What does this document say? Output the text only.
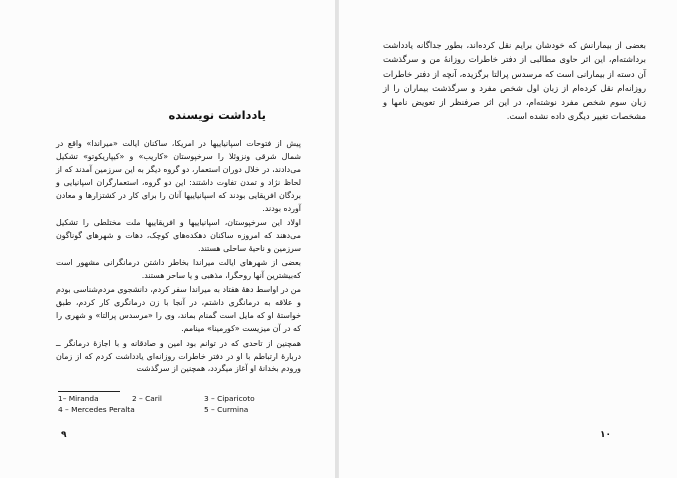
یادداشت نویسنده

پیش از فتوحات اسپانیاییها در امریکا، ساکنان ایالت «میراندا» واقع در شمال شرقی ونزوئلا را سرخپوستان «کاریب» و «کیپاریکوتو» تشکیل می‌دادند، در خلال دوران استعمار، دو گروه دیگر به این سرزمین آمدند که از لحاظ نژاد و تمدن تفاوت داشتند: این دو گروه، استعمارگران اسپانیایی و بردگان افریقایی بودند که اسپانیاییها آنان را برای کار در کشتزارها و معادن آورده بودند.

اولاد این سرخپوستان، اسپانیاییها و افریقاییها ملت مختلطی را تشکیل می‌دهند که امروزه ساکنان دهکده‌های کوچک، دهات و شهرهای گوناگون سرزمین و ناحیهٔ ساحلی هستند.

بعضی از شهرهای ایالت میراندا بخاطر داشتن درمانگرانی مشهور است که‌بیشترین آنها روحگرا، مذهبی و یا ساحر هستند.

من در اواسط دههٔ هفتاد به میراندا سفر کردم، دانشجوی مردم‌شناسی بودم و علاقه به درمانگری داشتم، در آنجا با زن درمانگری کار کردم، طبق خواستهٔ او که مایل است گمنام بماند، وی را «مرسدس پرالتا» و شهری را که در آن میزیست «کورمینا» مینامم.

همچنین از تاحدی که در توانم بود امین و صادقانه و با اجازهٔ درمانگر ــ دربارهٔ ارتباطم با او در دفتر خاطرات روزانه‌ای یادداشت کردم که از زمان ورودم بخدانهٔ او آغاز میگردد، همچنین از سرگذشت

1– Miranda	2 – Caril	3 – Ciparicoto
4 – Mercedes Peralta	5 – Curmina
۹

بعضی از بیمارانش که خودشان برایم نقل کرده‌اند، بطور جداگانه یادداشت برداشته‌ام، این اثر حاوی مطالبی از دفتر خاطرات روزانهٔ من و سرگذشت آن دسته از بیمارانی است که مرسدس پرالتا برگزیده، آنچه از دفتر خاطرات روزانه‌ام نقل کرده‌ام از زبان اول شخص مفرد و سرگذشت بیماران را از زبان سوم شخص مفرد نوشته‌ام، در این اثر صرفنظر از تعویض نامها و مشخصات تغییر دیگری داده نشده است.

۱۰
